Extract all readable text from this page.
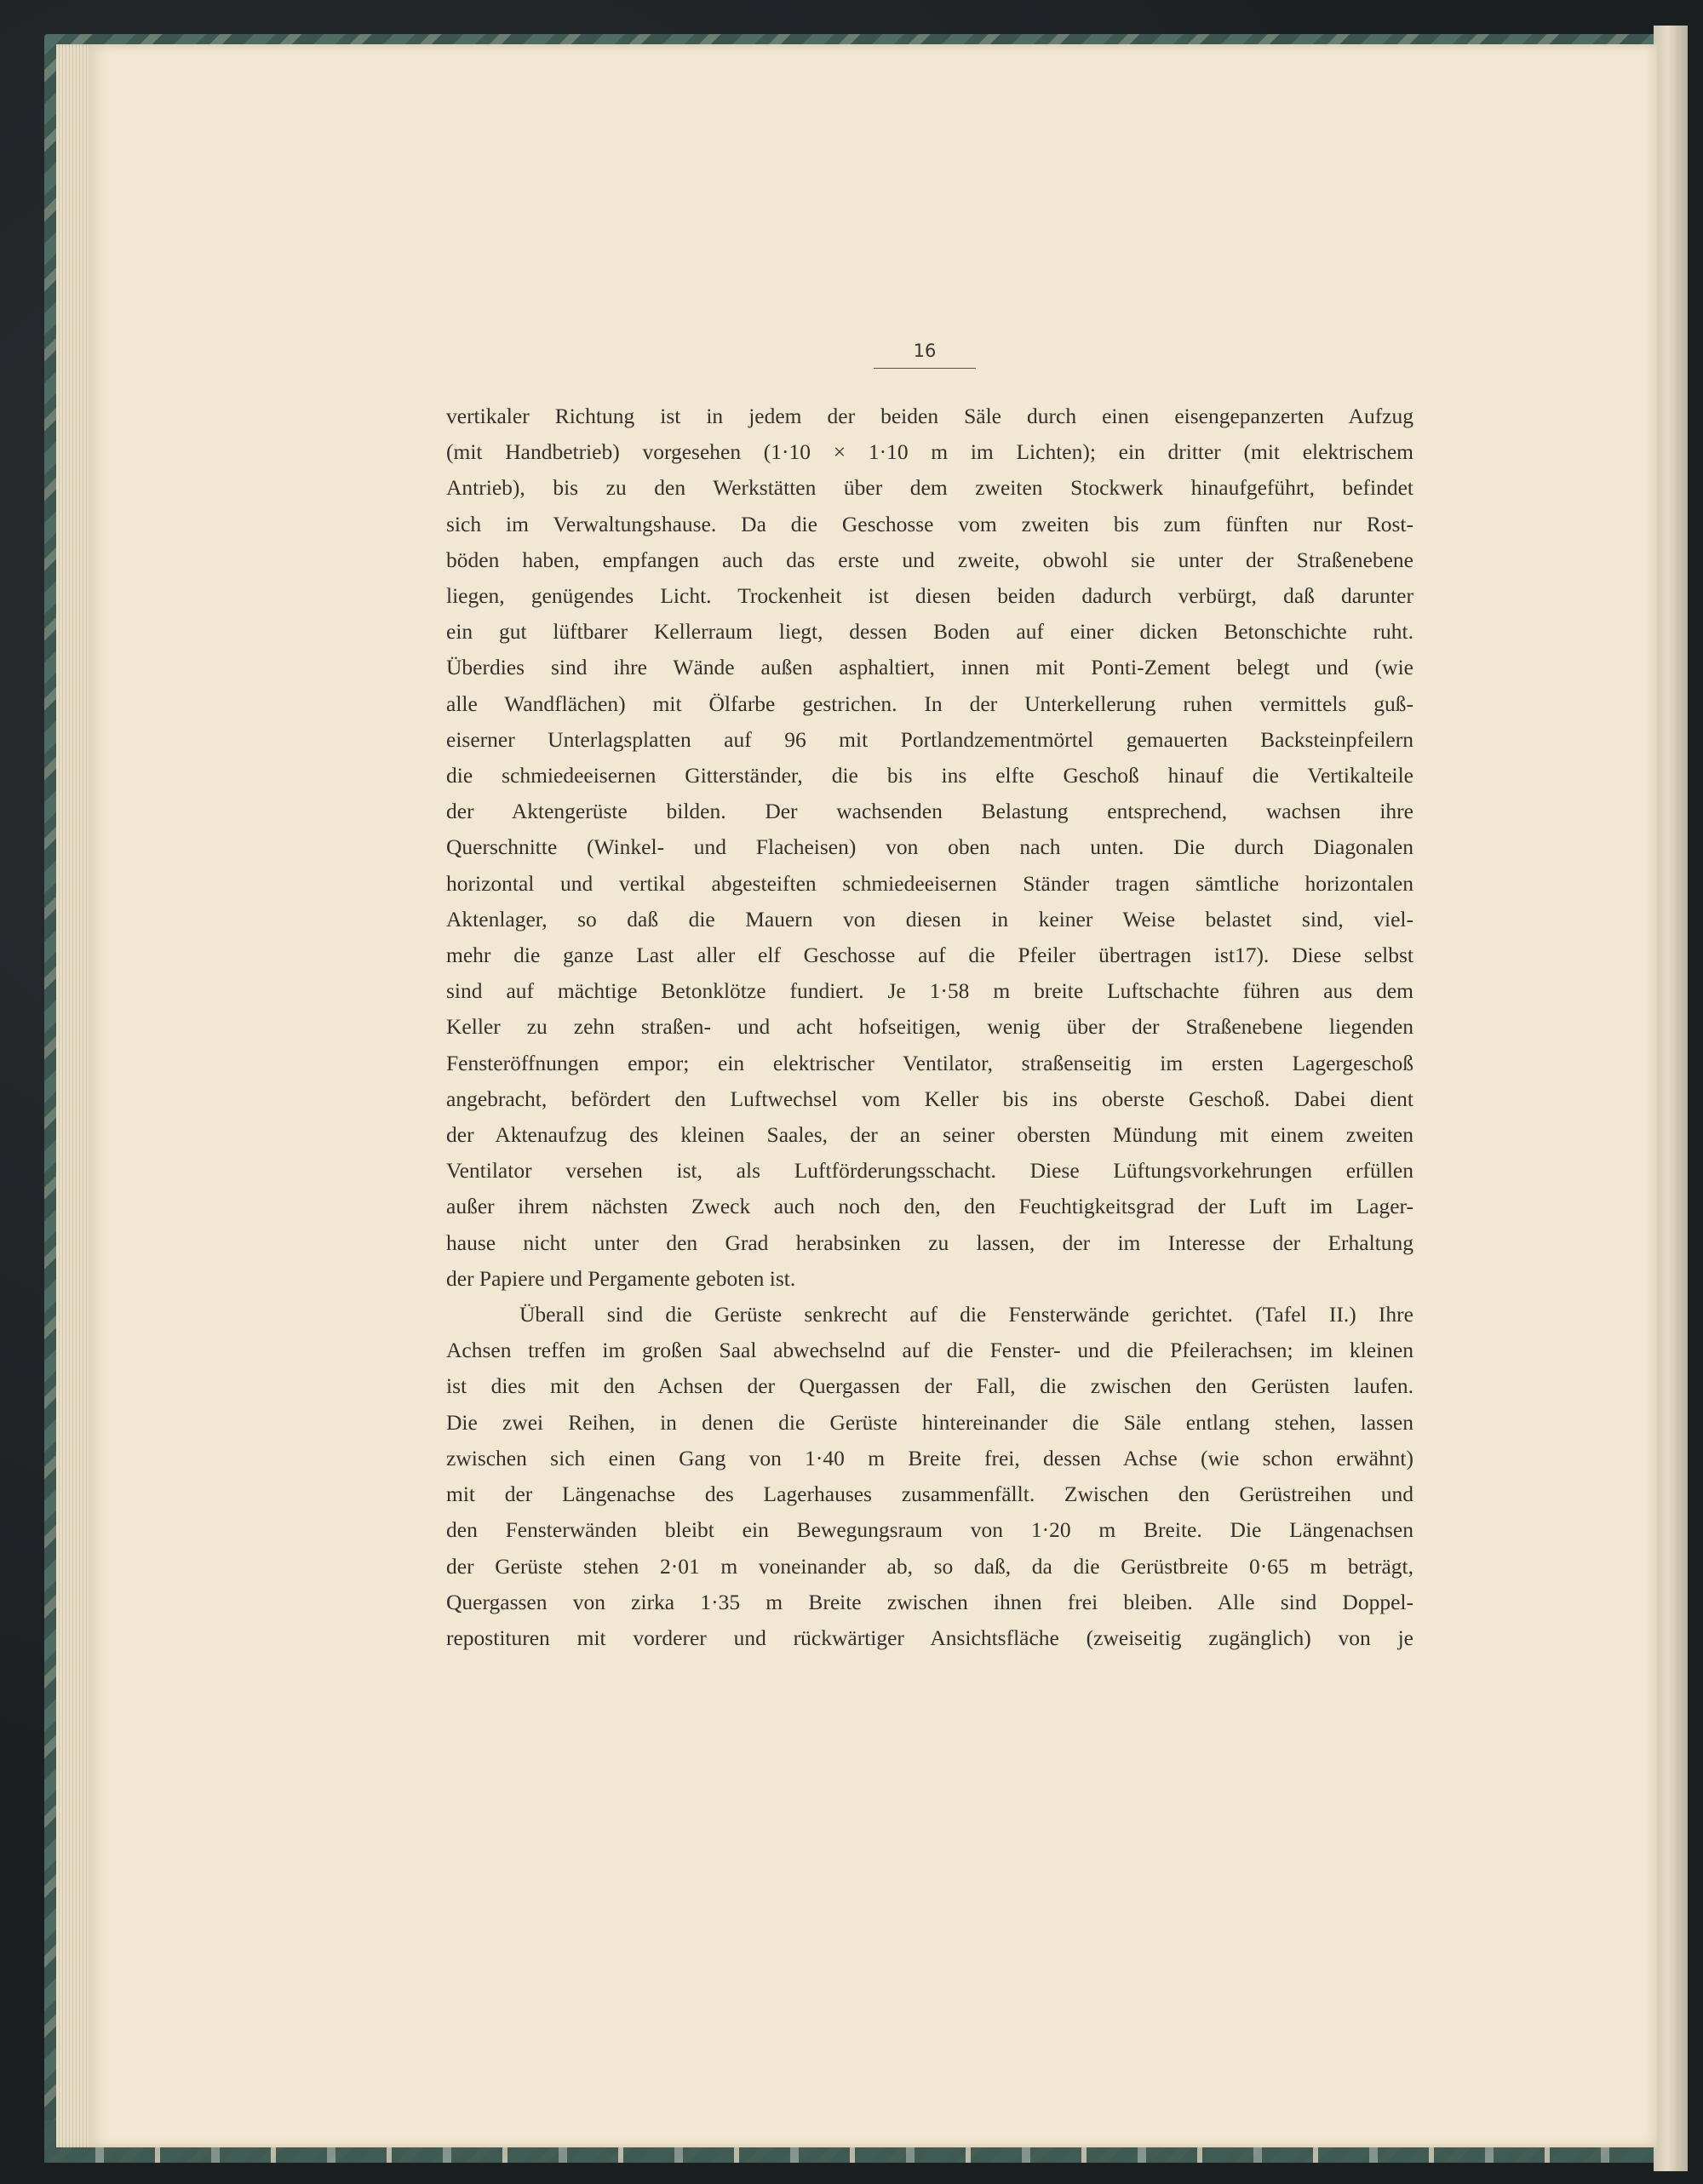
16
vertikaler Richtung ist in jedem der beiden Säle durch einen eisengepanzerten Aufzug
(mit Handbetrieb) vorgesehen (1·10 × 1·10 m im Lichten); ein dritter (mit elektrischem
Antrieb), bis zu den Werkstätten über dem zweiten Stockwerk hinaufgeführt, befindet
sich im Verwaltungshause. Da die Geschosse vom zweiten bis zum fünften nur Rost-
böden haben, empfangen auch das erste und zweite, obwohl sie unter der Straßenebene
liegen, genügendes Licht. Trockenheit ist diesen beiden dadurch verbürgt, daß darunter
ein gut lüftbarer Kellerraum liegt, dessen Boden auf einer dicken Betonschichte ruht.
Überdies sind ihre Wände außen asphaltiert, innen mit Ponti-Zement belegt und (wie
alle Wandflächen) mit Ölfarbe gestrichen. In der Unterkellerung ruhen vermittels guß-
eiserner Unterlagsplatten auf 96 mit Portlandzementmörtel gemauerten Backsteinpfeilern
die schmiedeeisernen Gitterständer, die bis ins elfte Geschoß hinauf die Vertikalteile
der Aktengerüste bilden. Der wachsenden Belastung entsprechend, wachsen ihre
Querschnitte (Winkel- und Flacheisen) von oben nach unten. Die durch Diagonalen
horizontal und vertikal abgesteiften schmiedeeisernen Ständer tragen sämtliche horizontalen
Aktenlager, so daß die Mauern von diesen in keiner Weise belastet sind, viel-
mehr die ganze Last aller elf Geschosse auf die Pfeiler übertragen ist17). Diese selbst
sind auf mächtige Betonklötze fundiert. Je 1·58 m breite Luftschachte führen aus dem
Keller zu zehn straßen- und acht hofseitigen, wenig über der Straßenebene liegenden
Fensteröffnungen empor; ein elektrischer Ventilator, straßenseitig im ersten Lagergeschoß
angebracht, befördert den Luftwechsel vom Keller bis ins oberste Geschoß. Dabei dient
der Aktenaufzug des kleinen Saales, der an seiner obersten Mündung mit einem zweiten
Ventilator versehen ist, als Luftförderungsschacht. Diese Lüftungsvorkehrungen erfüllen
außer ihrem nächsten Zweck auch noch den, den Feuchtigkeitsgrad der Luft im Lager-
hause nicht unter den Grad herabsinken zu lassen, der im Interesse der Erhaltung
der Papiere und Pergamente geboten ist.
Überall sind die Gerüste senkrecht auf die Fensterwände gerichtet. (Tafel II.) Ihre
Achsen treffen im großen Saal abwechselnd auf die Fenster- und die Pfeilerachsen; im kleinen
ist dies mit den Achsen der Quergassen der Fall, die zwischen den Gerüsten laufen.
Die zwei Reihen, in denen die Gerüste hintereinander die Säle entlang stehen, lassen
zwischen sich einen Gang von 1·40 m Breite frei, dessen Achse (wie schon erwähnt)
mit der Längenachse des Lagerhauses zusammenfällt. Zwischen den Gerüstreihen und
den Fensterwänden bleibt ein Bewegungsraum von 1·20 m Breite. Die Längenachsen
der Gerüste stehen 2·01 m voneinander ab, so daß, da die Gerüstbreite 0·65 m beträgt,
Quergassen von zirka 1·35 m Breite zwischen ihnen frei bleiben. Alle sind Doppel-
repostituren mit vorderer und rückwärtiger Ansichtsfläche (zweiseitig zugänglich) von je
